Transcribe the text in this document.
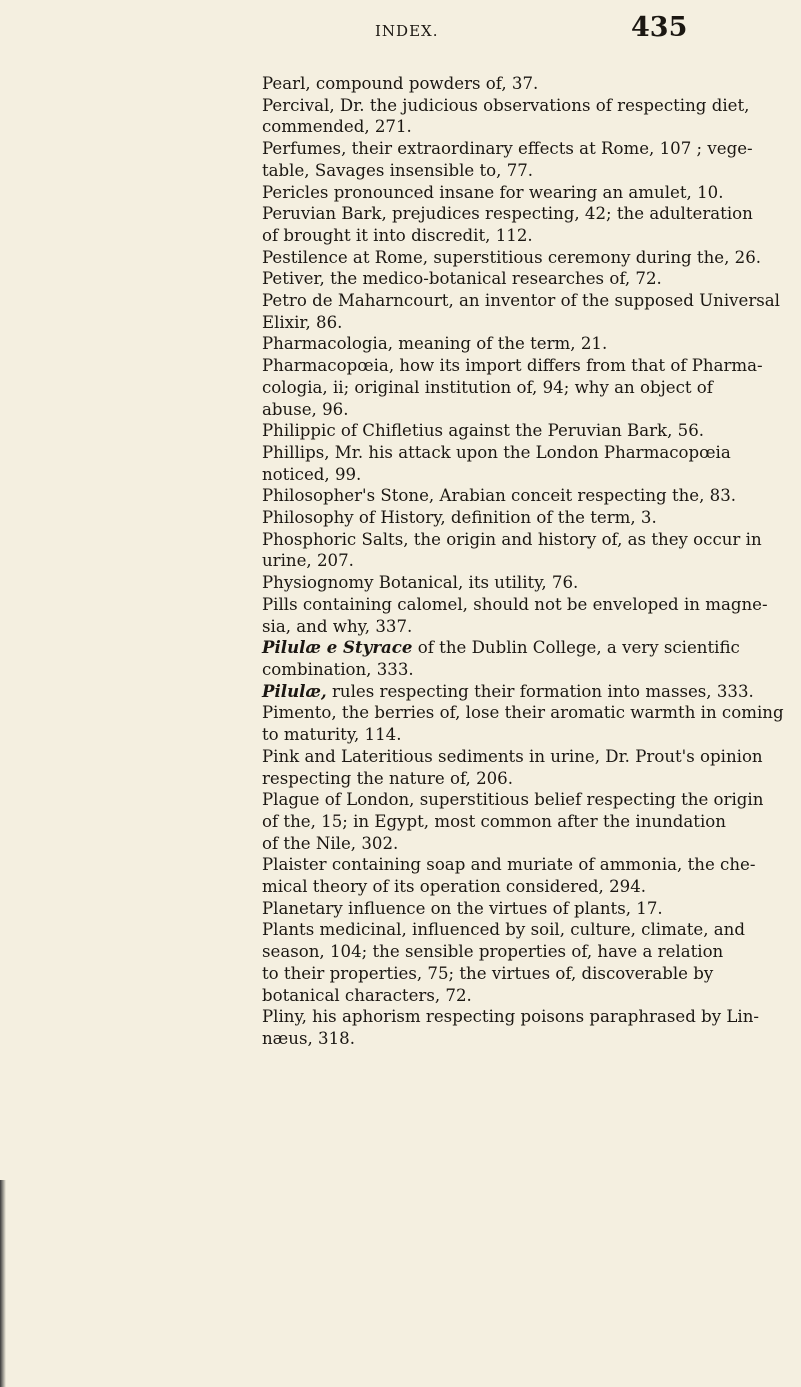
INDEX.	435
Pearl, compound powders of, 37.
Percival, Dr. the judicious observations of respecting diet,
commended, 271.
Perfumes, their extraordinary effects at Rome, 107 ; vege-
table, Savages insensible to, 77.
Pericles pronounced insane for wearing an amulet, 10.
Peruvian Bark, prejudices respecting, 42; the adulteration
of brought it into discredit, 112.
Pestilence at Rome, superstitious ceremony during the, 26.
Petiver, the medico-botanical researches of, 72.
Petro de Maharncourt, an inventor of the supposed Universal
Elixir, 86.
Pharmacologia, meaning of the term, 21.
Pharmacopœia, how its import differs from that of Pharma-
cologia, ii; original institution of, 94; why an object of
abuse, 96.
Philippic of Chifletius against the Peruvian Bark, 56.
Phillips, Mr. his attack upon the London Pharmacopœia
noticed, 99.
Philosopher's Stone, Arabian conceit respecting the, 83.
Philosophy of History, definition of the term, 3.
Phosphoric Salts, the origin and history of, as they occur in
urine, 207.
Physiognomy Botanical, its utility, 76.
Pills containing calomel, should not be enveloped in magne-
sia, and why, 337.
Pilulæ e Styrace of the Dublin College, a very scientific
combination, 333.
Pilulæ, rules respecting their formation into masses, 333.
Pimento, the berries of, lose their aromatic warmth in coming
to maturity, 114.
Pink and Lateritious sediments in urine, Dr. Prout's opinion
respecting the nature of, 206.
Plague of London, superstitious belief respecting the origin
of the, 15; in Egypt, most common after the inundation
of the Nile, 302.
Plaister containing soap and muriate of ammonia, the che-
mical theory of its operation considered, 294.
Planetary influence on the virtues of plants, 17.
Plants medicinal, influenced by soil, culture, climate, and
season, 104; the sensible properties of, have a relation
to their properties, 75; the virtues of, discoverable by
botanical characters, 72.
Pliny, his aphorism respecting poisons paraphrased by Lin-
næus, 318.
